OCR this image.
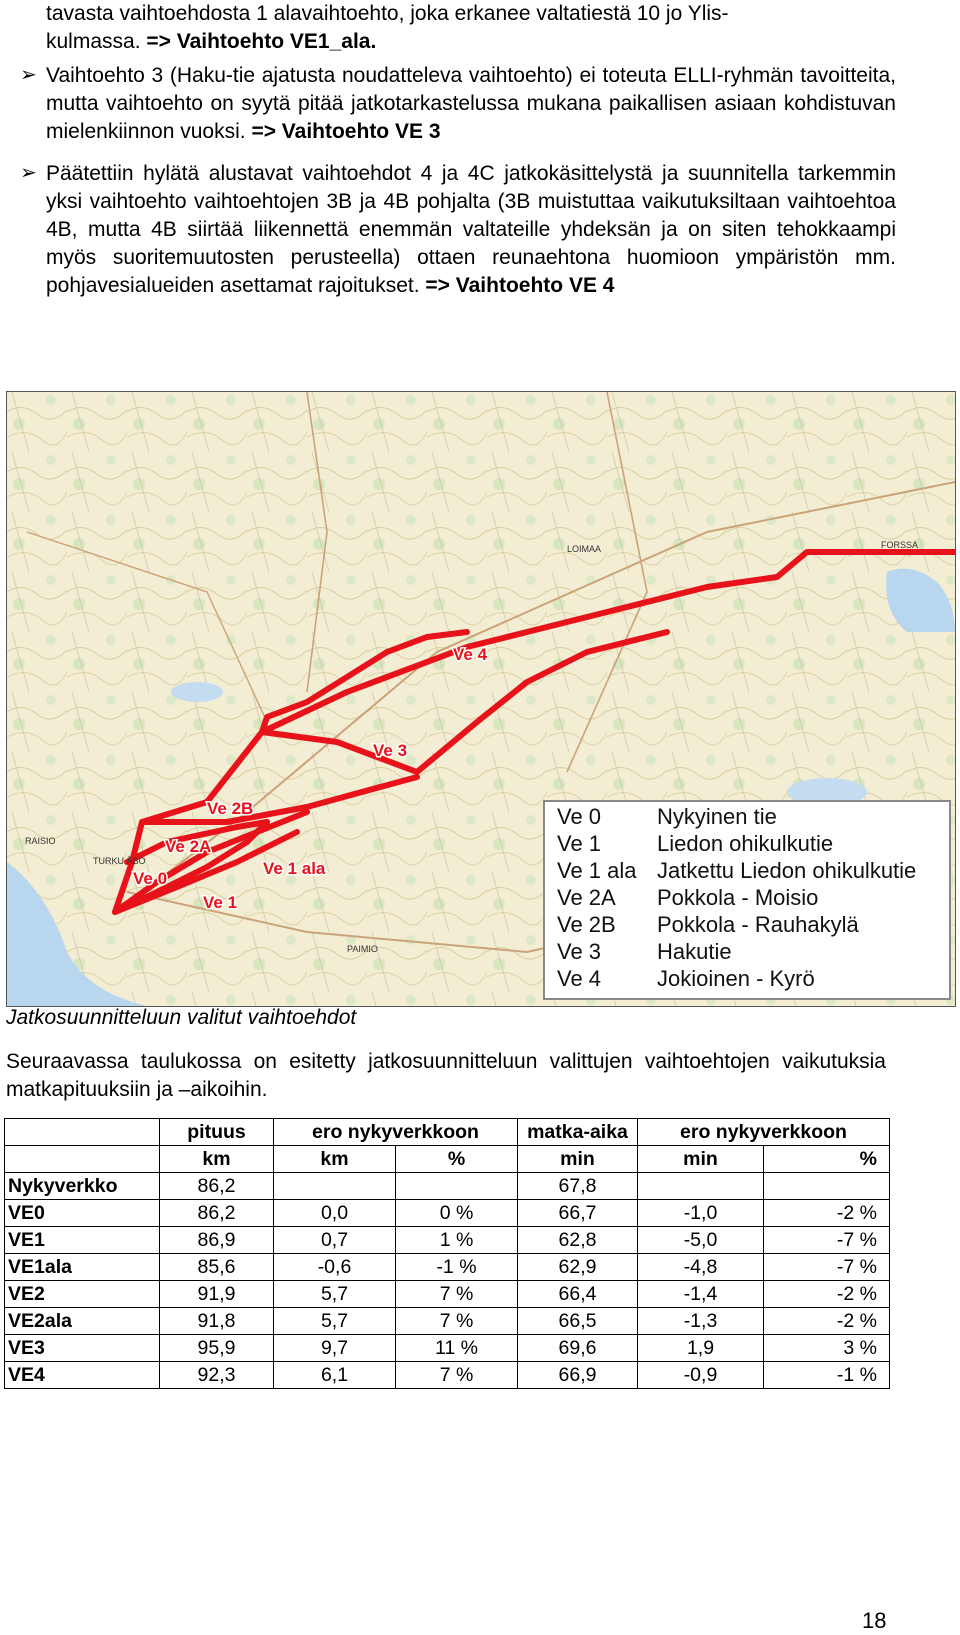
tavasta vaihtoehdosta 1 alavaihtoehto, joka erkanee valtatiestä 10 jo Ylis-
kulmassa. => Vaihtoehto VE1_ala.
➢ Vaihtoehto 3 (Haku-tie ajatusta noudatteleva vaihtoehto) ei toteuta ELLI-ryhmän tavoitteita, mutta vaihtoehto on syytä pitää jatkotarkastelussa mukana paikallisen asiaan kohdistuvan mielenkiinnon vuoksi. => Vaihtoehto VE 3
➢ Päätettiin hylätä alustavat vaihtoehdot 4 ja 4C jatkokäsittelystä ja suunnitella tarkemmin yksi vaihtoehto vaihtoehtojen 3B ja 4B pohjalta (3B muistuttaa vaikutuksiltaan vaihtoehtoa 4B, mutta 4B siirtää liikennettä enemmän valtateille yhdeksän ja on siten tehokkaampi myös suoritemuutosten perusteella) ottaen reunaehtona huomioon ympäristön mm. pohjavesialueiden asettamat rajoitukset. => Vaihtoehto VE 4
Ve 4
Ve 3
Ve 2B
Ve 2A
Ve 0
Ve 1 ala
Ve 1
TURKU ÅBO
FORSSA
LOIMAA
PAIMIO
RAISIO
Ve 0	Nykyinen tie
Ve 1	Liedon ohikulkutie
Ve 1 ala Jatkettu Liedon ohikulkutie
Ve 2A	Pokkola - Moisio
Ve 2B	Pokkola - Rauhakylä
Ve 3	Hakutie
Ve 4	Jokioinen - Kyrö
Jatkosuunnitteluun valitut vaihtoehdot
Seuraavassa taulukossa on esitetty jatkosuunnitteluun valittujen vaihtoehtojen vaikutuksia matkapituuksiin ja –aikoihin.
	pituus	ero nykyverkkoon		matka-aika	ero nykyverkkoon	
	km	km	%	min	min	%
Nykyverkko	86,2			67,8		
VE0	86,2	0,0	0 %	66,7	-1,0	-2 %
VE1	86,9	0,7	1 %	62,8	-5,0	-7 %
VE1ala	85,6	-0,6	-1 %	62,9	-4,8	-7 %
VE2	91,9	5,7	7 %	66,4	-1,4	-2 %
VE2ala	91,8	5,7	7 %	66,5	-1,3	-2 %
VE3	95,9	9,7	11 %	69,6	1,9	3 %
VE4	92,3	6,1	7 %	66,9	-0,9	-1 %
18
